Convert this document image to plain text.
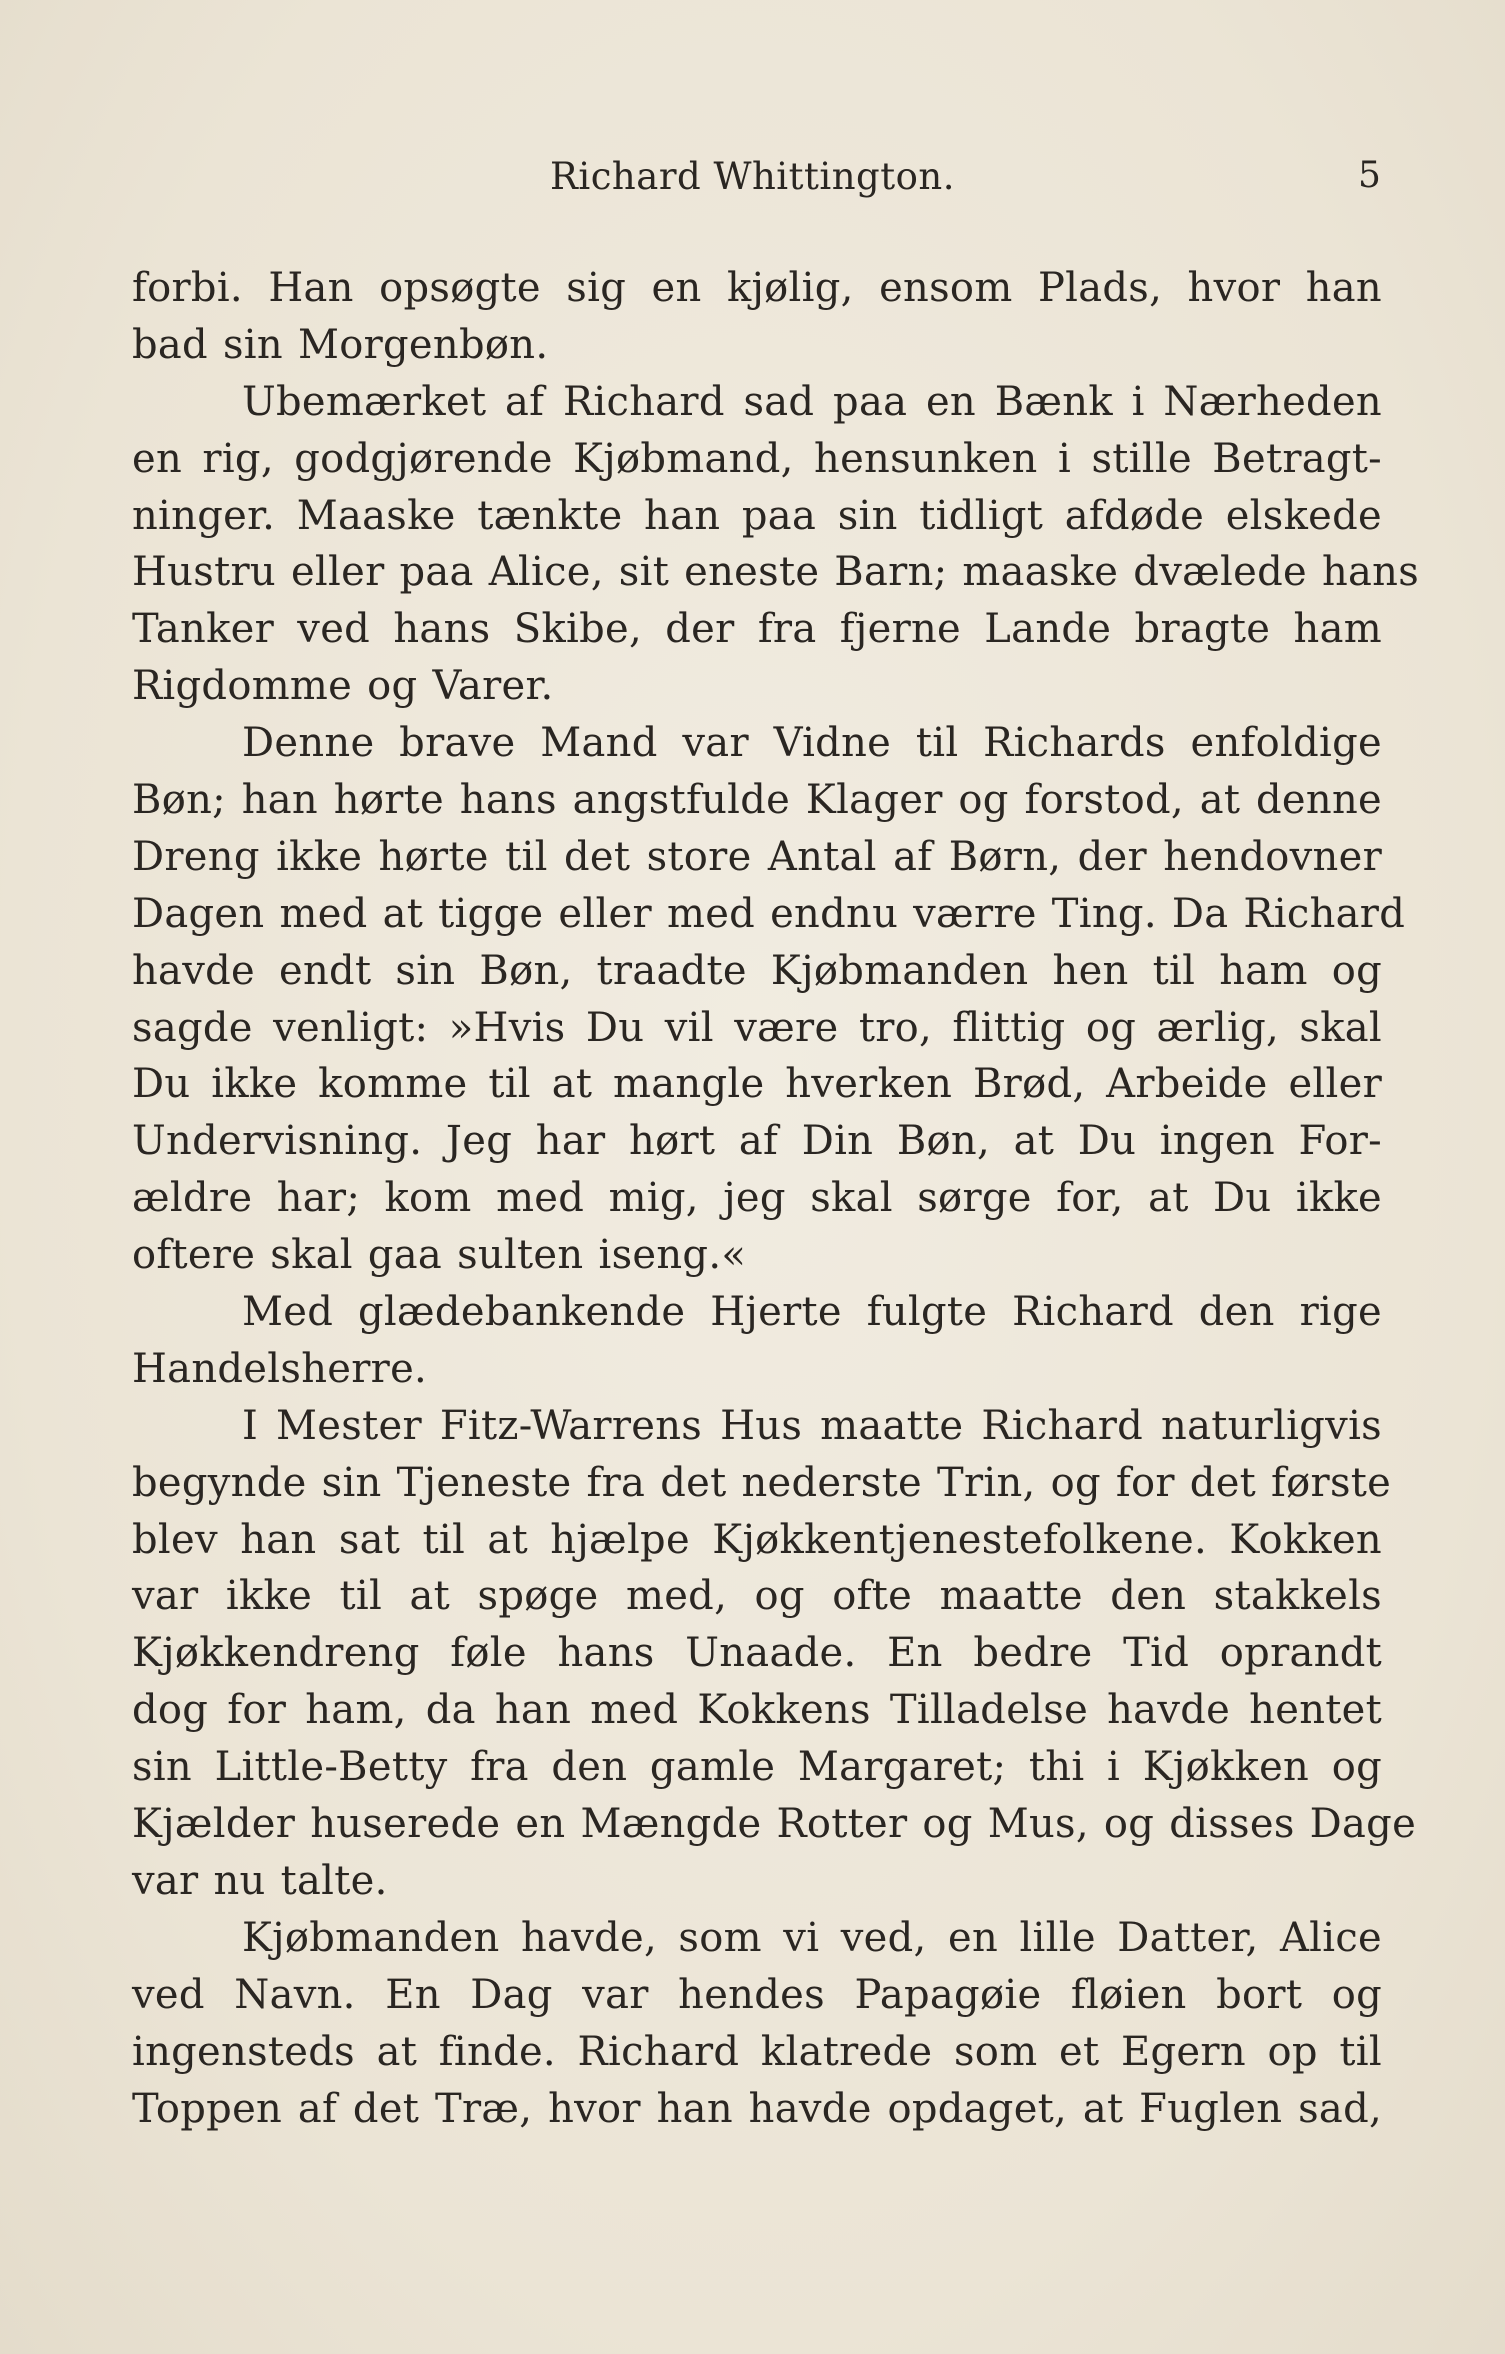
Richard Whittington.	5
forbi. Han opsøgte sig en kjølig, ensom Plads, hvor han
bad sin Morgenbøn.
Ubemærket af Richard sad paa en Bænk i Nærheden
en rig, godgjørende Kjøbmand, hensunken i stille Betragt-
ninger. Maaske tænkte han paa sin tidligt afdøde elskede
Hustru eller paa Alice, sit eneste Barn; maaske dvælede hans
Tanker ved hans Skibe, der fra fjerne Lande bragte ham
Rigdomme og Varer.
Denne brave Mand var Vidne til Richards enfoldige
Bøn; han hørte hans angstfulde Klager og forstod, at denne
Dreng ikke hørte til det store Antal af Børn, der hendovner
Dagen med at tigge eller med endnu værre Ting. Da Richard
havde endt sin Bøn, traadte Kjøbmanden hen til ham og
sagde venligt: »Hvis Du vil være tro, flittig og ærlig, skal
Du ikke komme til at mangle hverken Brød, Arbeide eller
Undervisning. Jeg har hørt af Din Bøn, at Du ingen For-
ældre har; kom med mig, jeg skal sørge for, at Du ikke
oftere skal gaa sulten iseng.«
Med glædebankende Hjerte fulgte Richard den rige
Handelsherre.
I Mester Fitz-Warrens Hus maatte Richard naturligvis
begynde sin Tjeneste fra det nederste Trin, og for det første
blev han sat til at hjælpe Kjøkkentjenestefolkene. Kokken
var ikke til at spøge med, og ofte maatte den stakkels
Kjøkkendreng føle hans Unaade. En bedre Tid oprandt
dog for ham, da han med Kokkens Tilladelse havde hentet
sin Little-Betty fra den gamle Margaret; thi i Kjøkken og
Kjælder huserede en Mængde Rotter og Mus, og disses Dage
var nu talte.
Kjøbmanden havde, som vi ved, en lille Datter, Alice
ved Navn. En Dag var hendes Papagøie fløien bort og
ingensteds at finde. Richard klatrede som et Egern op til
Toppen af det Træ, hvor han havde opdaget, at Fuglen sad,
